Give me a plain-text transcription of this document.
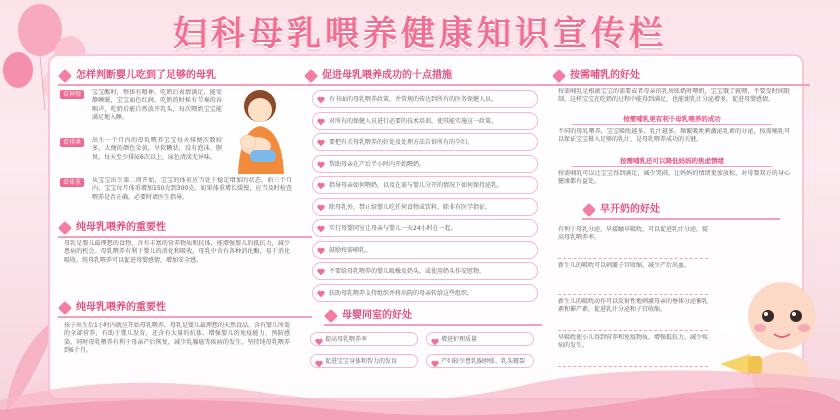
妇科母乳喂养健康知识宣传栏
怎样判断婴儿吃到了足够的母乳
看神情	宝宝醒时，整体有精神，吃奶后表情满足，能安静睡眠，宝宝面色红润，吃奶的时候有节奏的吞咽声，吃奶后能自然放开乳头，每次喂奶宝宝能满足地入睡。
看排泄	出生一个月内的母乳喂养宝宝每天排便次数较多，大便的颜色金黄，呈软糊状，没有泡沫、腥臭。每天至少排尿6次以上，尿色清淡无异味。
看体重	从宝宝出生第二周开始，宝宝的体重应当处于稳定增加的状态，前三个月内，宝宝每月体重增加150克到300克。如果体重增长缓慢，应当及时检查喂养是否正确，必要时请医生指导。
纯母乳喂养的重要性
母乳是婴儿最理想的食物，含有丰富的营养物质和抗体，能增强婴儿的抵抗力，减少患病的机会。母乳喂养有利于婴儿的消化和吸收，母乳中含有各种消化酶，易于消化吸收。纯母乳喂养可以促进母婴感情，增加安全感。
纯母乳喂养的重要性
孩子出生后1小时内就应开始母乳喂养。母乳是婴儿最理想的天然食品，含有婴儿所需的全部营养，有助于婴儿发育，还含有大量的抗体，增强婴儿的免疫能力，预防感染。同时母乳喂养有利于母亲产后恢复，减少乳腺癌等疾病的发生，坚持纯母乳喂养到6个月。
促进母乳喂养成功的十点措施
有书面的母乳喂养政策，并常规的传达到所有的医务保健人员。
对所有的保健人员进行必要的技术培训，使其能实施这一政策。
要把有关母乳喂养的好处及处理方法告诉所有的孕妇。
帮助母亲在产后半小时内开始喂奶。
指导母亲如何喂奶，以及在需与婴儿分开的情况下如何保持泌乳。
除母乳外，禁止给婴儿吃任何食物或饮料，除非有医学指征。
实行母婴同室让母亲与婴儿一天24小时在一起。
鼓励按需哺乳。
不要给母乳喂养的婴儿吸橡皮奶头，或使用奶头作安慰物。
扶助母乳喂养支持组织并将出院的母亲转给这些组织。
母婴同室的好处
提高母乳喂养率	增进护理质量
促进宝宝身体和智力的发育	产妇较少患乳腺肿胀、乳头皲裂
按需哺乳的好处
按需哺乳是根据宝宝的需要或者母亲的乳房胀奶时喂奶，宝宝饿了就喂，不要受时间限制，这样宝宝在吃奶的过程中能得到满足，也能使乳汁分泌增多，促进母婴感情。
按需哺乳更有利于母乳喂养的成功
不同的母乳喂养，宝宝吸吮越多，乳汁越多，频繁吸吮刺激泌乳素的分泌，按需哺乳可以保证宝宝摄入足够的乳汁，是母乳喂养成功的关键。
按需哺乳还可以降低妈妈的焦虑情绪
按需哺乳可以让宝宝得到满足，减少哭闹，让妈妈的情绪更加放松，对母婴双方的身心健康都有益处。
早开奶的好处
有利于母乳分泌，早接触早吸吮，可以促进乳汁分泌，提高母乳喂养率。
新生儿的吸吮可以刺激子宫收缩，减少产后出血。
新生儿的吸吮动作可以反射性地刺激母亲的垂体分泌催乳素和催产素，促进乳汁分泌和子宫收缩。
早吸吮使小儿得到营养和免疫物质，增强抵抗力，减少疾病的发生。
